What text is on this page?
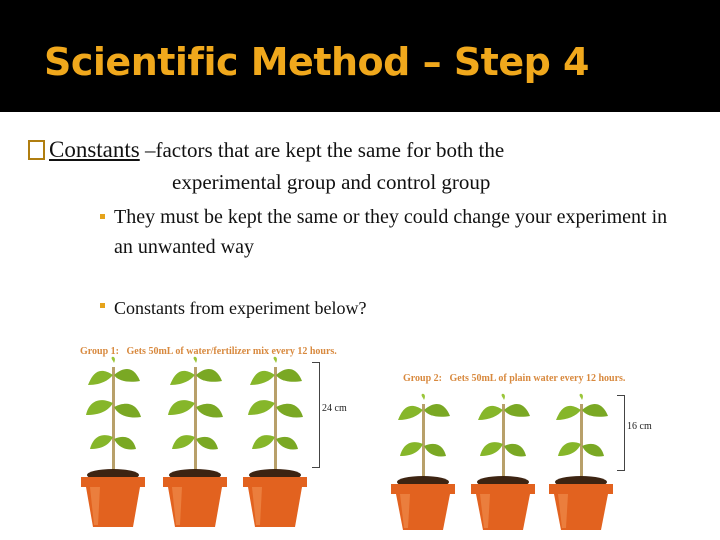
Scientific Method – Step 4
Constants –factors that are kept the same for both the
experimental group and control group
They must be kept the same or they could change your experiment in an unwanted way
Constants from experiment below?
Group 1: Gets 50mL of water/fertilizer mix every 12 hours.
Group 2: Gets 50mL of plain water every 12 hours.
24 cm
16 cm
